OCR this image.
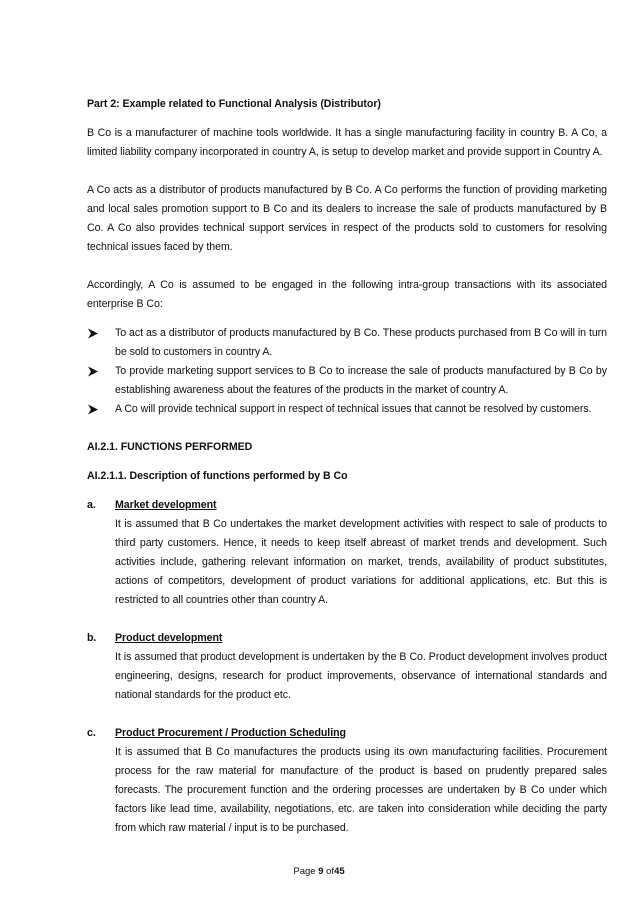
Part 2: Example related to Functional Analysis (Distributor)

B Co is a manufacturer of machine tools worldwide. It has a single manufacturing facility in country B. A Co, a limited liability company incorporated in country A, is setup to develop market and provide support in Country A.

A Co acts as a distributor of products manufactured by B Co. A Co performs the function of providing marketing and local sales promotion support to B Co and its dealers to increase the sale of products manufactured by B Co. A Co also provides technical support services in respect of the products sold to customers for resolving technical issues faced by them.

Accordingly, A Co is assumed to be engaged in the following intra-group transactions with its associated enterprise B Co:

To act as a distributor of products manufactured by B Co. These products purchased from B Co will in turn be sold to customers in country A.
To provide marketing support services to B Co to increase the sale of products manufactured by B Co by establishing awareness about the features of the products in the market of country A.
A Co will provide technical support in respect of technical issues that cannot be resolved by customers.

AI.2.1. FUNCTIONS PERFORMED

AI.2.1.1. Description of functions performed by B Co

a. Market development

It is assumed that B Co undertakes the market development activities with respect to sale of products to third party customers. Hence, it needs to keep itself abreast of market trends and development. Such activities include, gathering relevant information on market, trends, availability of product substitutes, actions of competitors, development of product variations for additional applications, etc. But this is restricted to all countries other than country A.

b. Product development

It is assumed that product development is undertaken by the B Co. Product development involves product engineering, designs, research for product improvements, observance of international standards and national standards for the product etc.

c. Product Procurement / Production Scheduling

It is assumed that B Co manufactures the products using its own manufacturing facilities. Procurement process for the raw material for manufacture of the product is based on prudently prepared sales forecasts. The procurement function and the ordering processes are undertaken by B Co under which factors like lead time, availability, negotiations, etc. are taken into consideration while deciding the party from which raw material / input is to be purchased.

Page 9 of45
